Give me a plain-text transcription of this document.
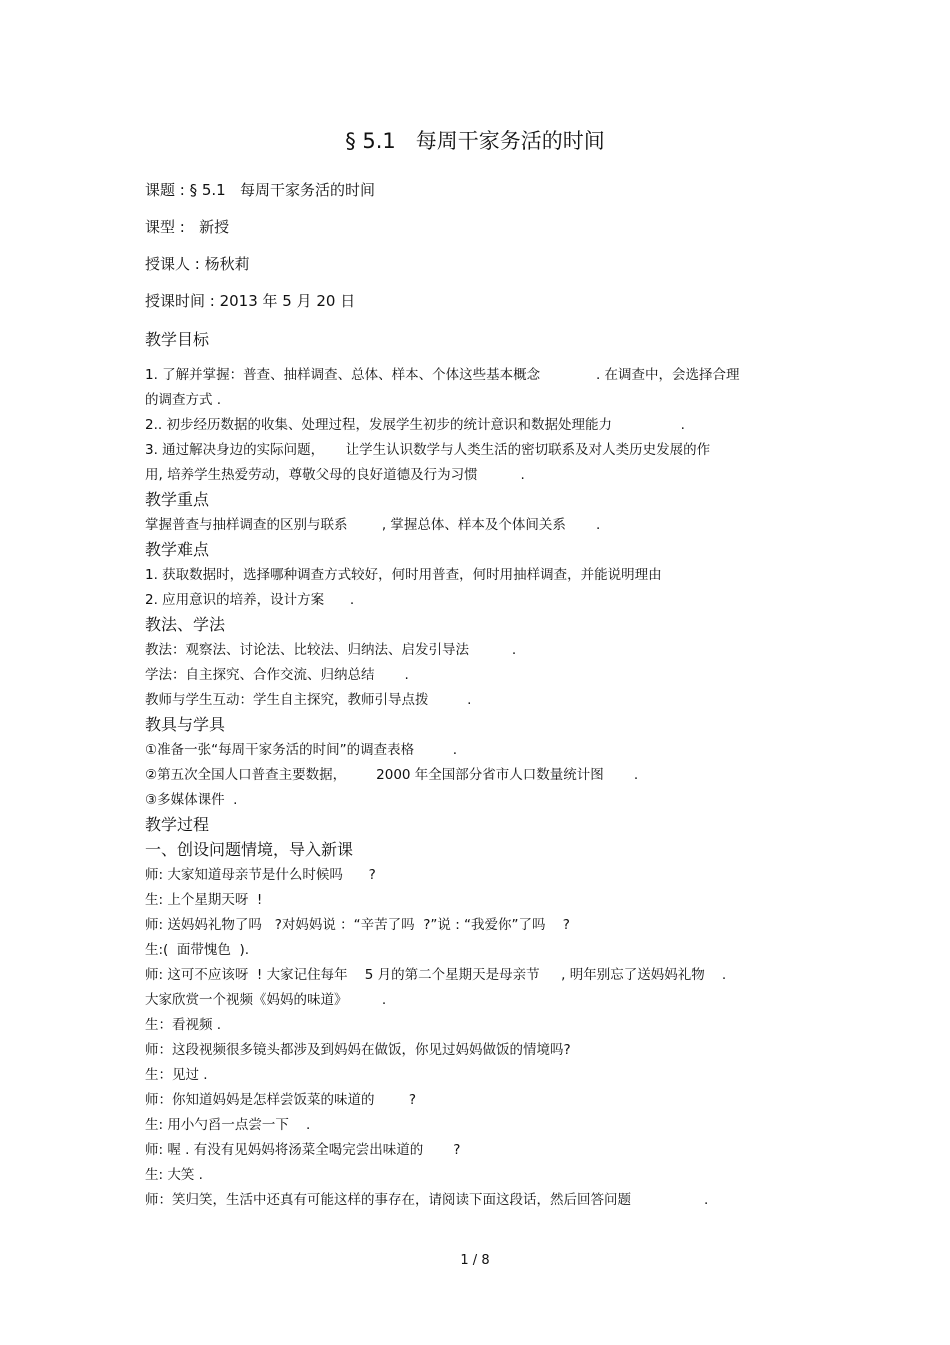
§ 5.1   每周干家务活的时间
课题 : § 5.1   每周干家务活的时间
课型 :   新授
授课人 : 杨秋莉
授课时间 : 2013 年 5 月 20 日
教学目标
1. 了解并掌握：普查、抽样调查、总体、样本、个体这些基本概念             . 在调查中，会选择合理
的调查方式 .
2.. 初步经历数据的收集、处理过程，发展学生初步的统计意识和数据处理能力                .
3. 通过解决身边的实际问题，     让学生认识数学与人类生活的密切联系及对人类历史发展的作
用, 培养学生热爱劳动，尊敬父母的良好道德及行为习惯          .
教学重点
掌握普查与抽样调查的区别与联系        , 掌握总体、样本及个体间关系       .
教学难点
1. 获取数据时，选择哪种调查方式较好，何时用普查，何时用抽样调查，并能说明理由
2. 应用意识的培养，设计方案      .
教法、学法
教法：观察法、讨论法、比较法、归纳法、启发引导法          .
学法：自主探究、合作交流、归纳总结       .
教师与学生互动：学生自主探究，教师引导点拨         .
教具与学具
①准备一张“每周干家务活的时间”的调查表格         .
②第五次全国人口普查主要数据，       2000 年全国部分省市人口数量统计图       .
③多媒体课件  .
教学过程
一、创设问题情境，导入新课
师: 大家知道母亲节是什么时候吗      ?
生: 上个星期天呀  !
师: 送妈妈礼物了吗   ?对妈妈说 ：“辛苦了吗  ?”说 : “我爱你”了吗    ?
生:(  面带愧色  ).
师: 这可不应该呀  ! 大家记住每年    5 月的第二个星期天是母亲节     , 明年别忘了送妈妈礼物    .
大家欣赏一个视频《妈妈的味道》        .
生：看视频 .
师：这段视频很多镜头都涉及到妈妈在做饭，你见过妈妈做饭的情境吗?
生：见过 .
师：你知道妈妈是怎样尝饭菜的味道的        ?
生: 用小勺舀一点尝一下    .
师: 喔 . 有没有见妈妈将汤菜全喝完尝出味道的       ?
生: 大笑 .
师：笑归笑，生活中还真有可能这样的事存在，请阅读下面这段话，然后回答问题                 .
1 / 8
